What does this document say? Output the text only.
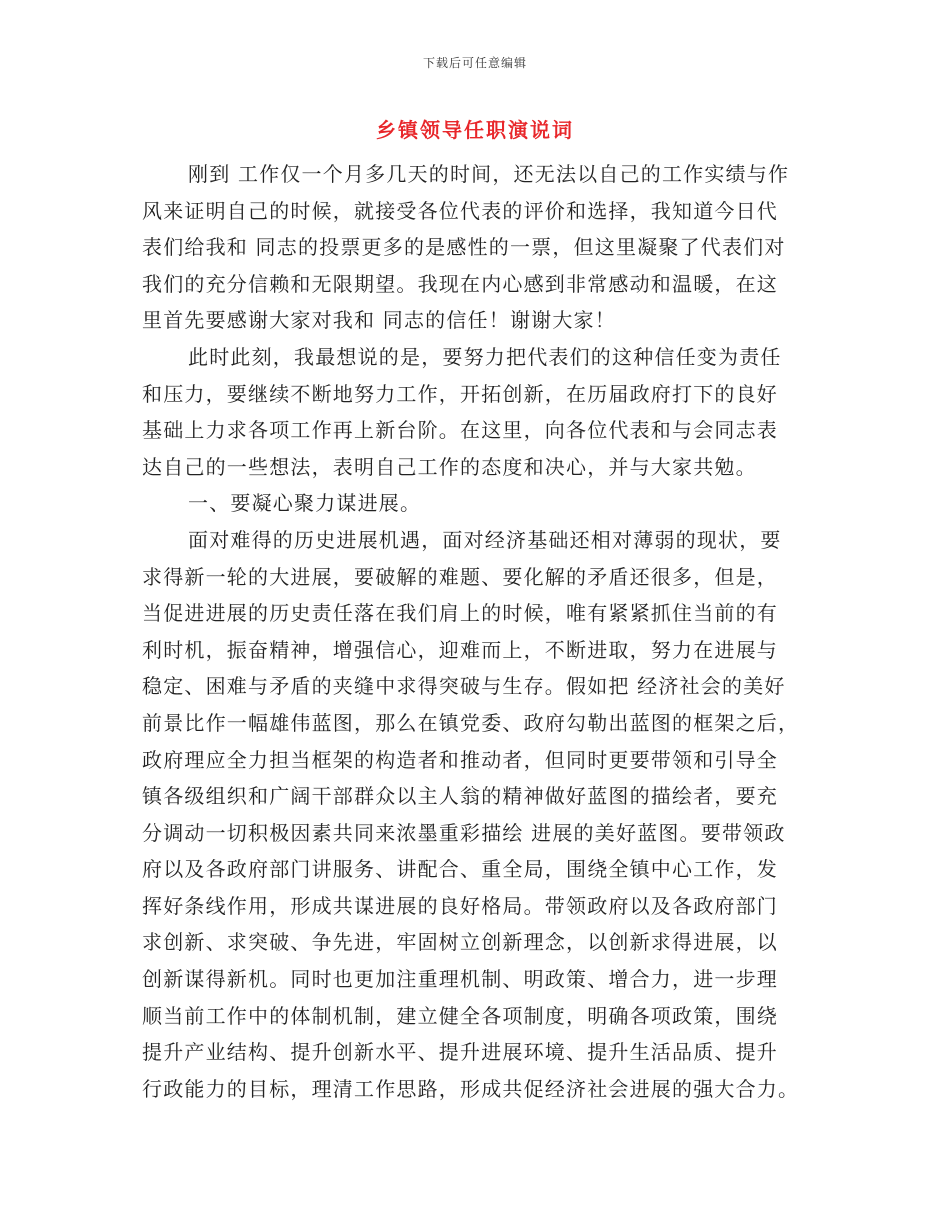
下载后可任意编辑
乡镇领导任职演说词

刚到 工作仅一个月多几天的时间，还无法以自己的工作实绩与作
风来证明自己的时候，就接受各位代表的评价和选择，我知道今日代
表们给我和 同志的投票更多的是感性的一票，但这里凝聚了代表们对
我们的充分信赖和无限期望。我现在内心感到非常感动和温暖，在这
里首先要感谢大家对我和 同志的信任！谢谢大家！

此时此刻，我最想说的是，要努力把代表们的这种信任变为责任
和压力，要继续不断地努力工作，开拓创新，在历届政府打下的良好
基础上力求各项工作再上新台阶。在这里，向各位代表和与会同志表
达自己的一些想法，表明自己工作的态度和决心，并与大家共勉。

一、要凝心聚力谋进展。

面对难得的历史进展机遇，面对经济基础还相对薄弱的现状，要
求得新一轮的大进展，要破解的难题、要化解的矛盾还很多，但是，
当促进进展的历史责任落在我们肩上的时候，唯有紧紧抓住当前的有
利时机，振奋精神，增强信心，迎难而上，不断进取，努力在进展与
稳定、困难与矛盾的夹缝中求得突破与生存。假如把 经济社会的美好
前景比作一幅雄伟蓝图，那么在镇党委、政府勾勒出蓝图的框架之后，
政府理应全力担当框架的构造者和推动者，但同时更要带领和引导全
镇各级组织和广阔干部群众以主人翁的精神做好蓝图的描绘者，要充
分调动一切积极因素共同来浓墨重彩描绘 进展的美好蓝图。要带领政
府以及各政府部门讲服务、讲配合、重全局，围绕全镇中心工作，发
挥好条线作用，形成共谋进展的良好格局。带领政府以及各政府部门
求创新、求突破、争先进，牢固树立创新理念，以创新求得进展，以
创新谋得新机。同时也更加注重理机制、明政策、增合力，进一步理
顺当前工作中的体制机制，建立健全各项制度，明确各项政策，围绕
提升产业结构、提升创新水平、提升进展环境、提升生活品质、提升
行政能力的目标，理清工作思路，形成共促经济社会进展的强大合力。
